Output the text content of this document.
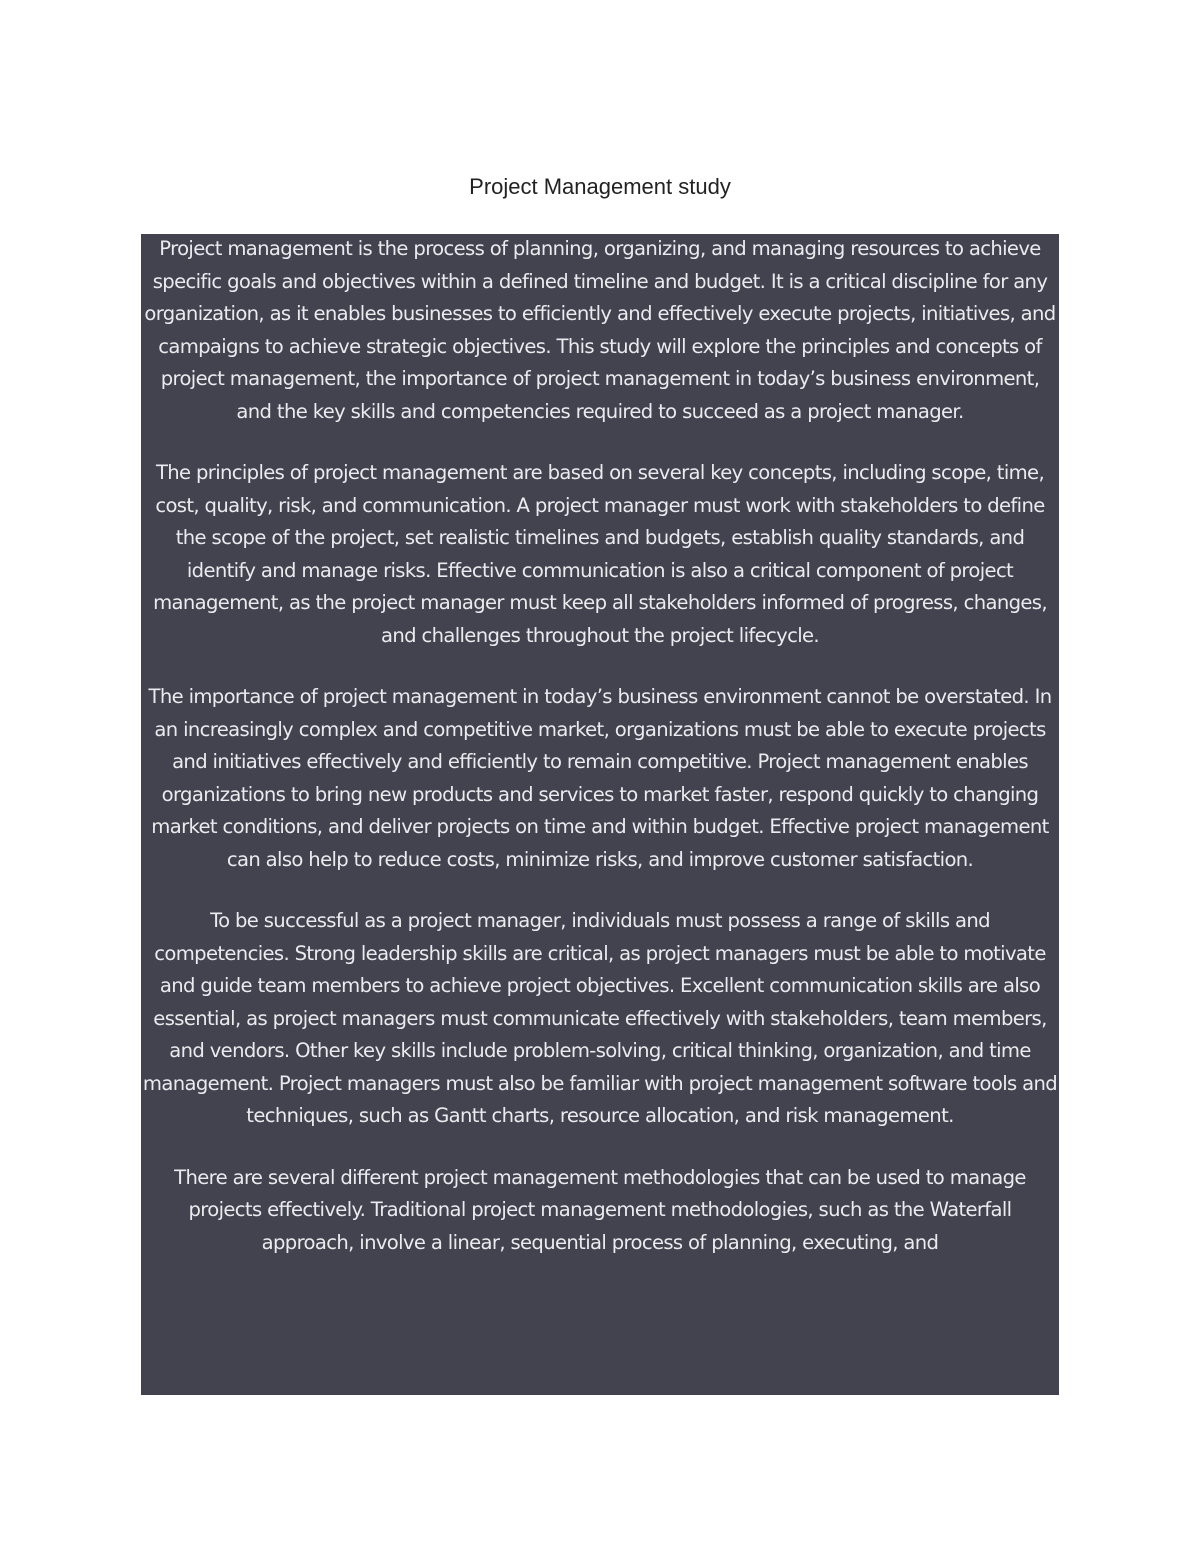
Project Management study

Project management is the process of planning, organizing, and managing resources to achieve specific goals and objectives within a defined timeline and budget. It is a critical discipline for any organization, as it enables businesses to efficiently and effectively execute projects, initiatives, and campaigns to achieve strategic objectives. This study will explore the principles and concepts of project management, the importance of project management in today’s business environment, and the key skills and competencies required to succeed as a project manager.

The principles of project management are based on several key concepts, including scope, time, cost, quality, risk, and communication. A project manager must work with stakeholders to define the scope of the project, set realistic timelines and budgets, establish quality standards, and identify and manage risks. Effective communication is also a critical component of project management, as the project manager must keep all stakeholders informed of progress, changes, and challenges throughout the project lifecycle.

The importance of project management in today’s business environment cannot be overstated. In an increasingly complex and competitive market, organizations must be able to execute projects and initiatives effectively and efficiently to remain competitive. Project management enables organizations to bring new products and services to market faster, respond quickly to changing market conditions, and deliver projects on time and within budget. Effective project management can also help to reduce costs, minimize risks, and improve customer satisfaction.

To be successful as a project manager, individuals must possess a range of skills and competencies. Strong leadership skills are critical, as project managers must be able to motivate and guide team members to achieve project objectives. Excellent communication skills are also essential, as project managers must communicate effectively with stakeholders, team members, and vendors. Other key skills include problem-solving, critical thinking, organization, and time management. Project managers must also be familiar with project management software tools and techniques, such as Gantt charts, resource allocation, and risk management.

There are several different project management methodologies that can be used to manage projects effectively. Traditional project management methodologies, such as the Waterfall approach, involve a linear, sequential process of planning, executing, and
